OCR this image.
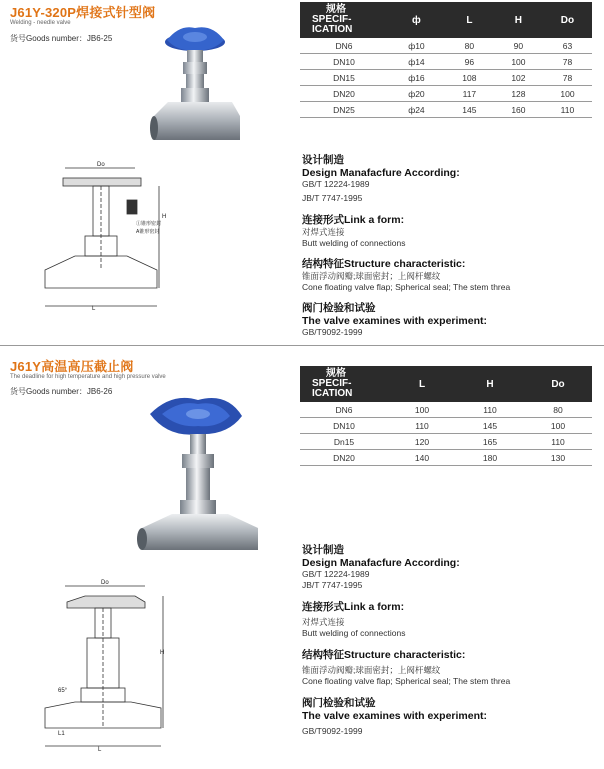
J61Y-320P焊接式针型阀
Welding - needle valve
货号Goods number：JB6-25
Do
L
H
①锥形密封
A锥形密封
规格
SPECIF-
ICATION	ф	L	H	Do
DN6	ф10	80	90	63
DN10	ф14	96	100	78
DN15	ф16	108	102	78
DN20	ф20	117	128	100
DN25	ф24	145	160	110
设计制造
Design Manafacfure According:
GB/T 12224-1989
JB/T 7747-1995
连接形式Link a form:
对焊式连接
Butt welding of connections
结构特征Structure characteristic:
锥面浮动阀瓣;球面密封；上阀杆螺纹
Cone floating valve flap; Spherical seal; The stem threa
阀门检验和试验
The valve examines with experiment:
GB/T9092-1999
J61Y高温高压截止阀
The deadline for high temperature and high pressure valve
货号Goods number：JB6-26
Do
H
65°
L1
L
规格
SPECIF-
ICATION	L	H	Do
DN6	100	110	80
DN10	110	145	100
Dn15	120	165	110
DN20	140	180	130
设计制造
Design Manafacfure According:
GB/T 12224-1989
JB/T 7747-1995
连接形式Link a form:
对焊式连接
Butt welding of connections
结构特征Structure characteristic:
锥面浮动阀瓣;球面密封；上阀杆螺纹
Cone floating valve flap; Spherical seal; The stem threa
阀门检验和试验
The valve examines with experiment:
GB/T9092-1999
